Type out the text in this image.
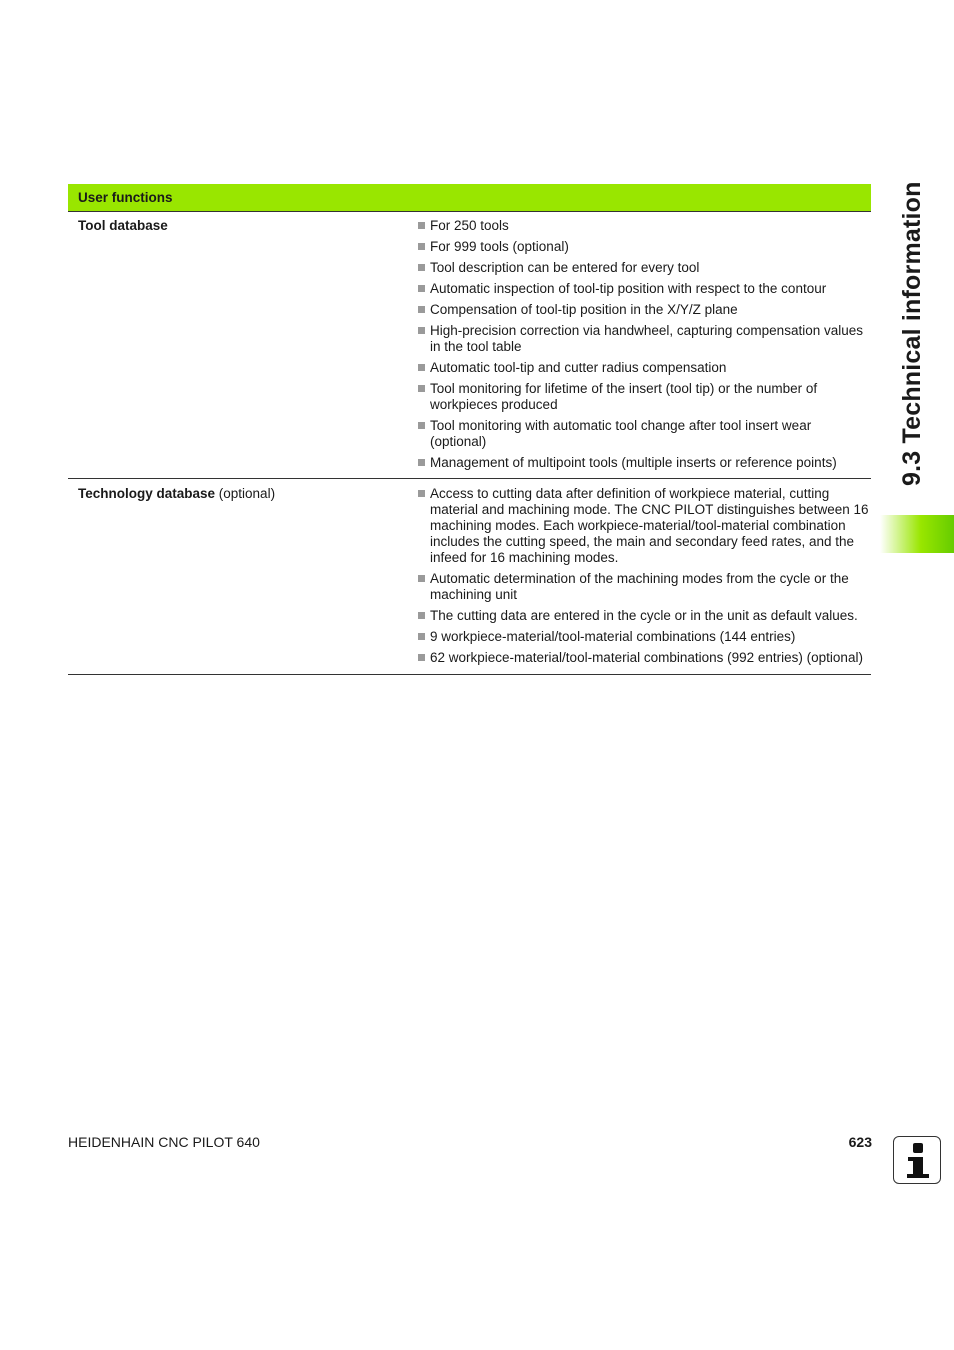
User functions
Tool database	For 250 tools
For 999 tools (optional)
Tool description can be entered for every tool
Automatic inspection of tool-tip position with respect to the contour
Compensation of tool-tip position in the X/Y/Z plane
High-precision correction via handwheel, capturing compensation values in the tool table
Automatic tool-tip and cutter radius compensation
Tool monitoring for lifetime of the insert (tool tip) or the number of workpieces produced
Tool monitoring with automatic tool change after tool insert wear (optional)
Management of multipoint tools (multiple inserts or reference points)
Technology database (optional)	Access to cutting data after definition of workpiece material, cutting material and machining mode. The CNC PILOT distinguishes between 16 machining modes. Each workpiece-material/tool-material combination includes the cutting speed, the main and secondary feed rates, and the infeed for 16 machining modes.
Automatic determination of the machining modes from the cycle or the machining unit
The cutting data are entered in the cycle or in the unit as default values.
9 workpiece-material/tool-material combinations (144 entries)
62 workpiece-material/tool-material combinations (992 entries) (optional)
9.3 Technical information
HEIDENHAIN CNC PILOT 640	623
